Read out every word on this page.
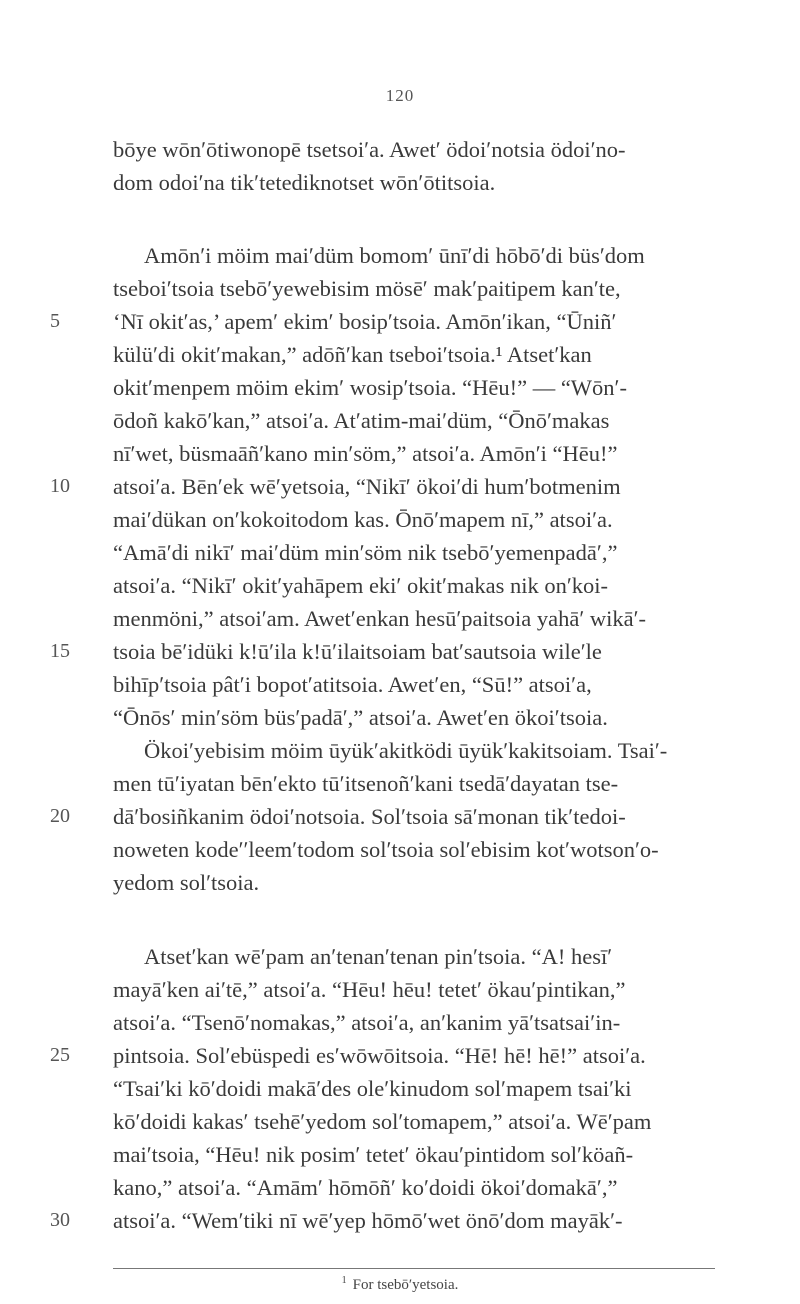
120
bōye wōnʹōtiwonopē tsetsoiʹa. Awetʹ ödoiʹnotsia ödoiʹno-
dom odoiʹna tikʹtetediknotset wōnʹōtitsoia.
Amōnʹi möim maiʹdüm bomomʹ ūnīʹdi hōbōʹdi büsʹdom
tseboiʹtsoia tsebōʹyewebisim mösēʹ makʹpaitipem kanʹte,
‘Nī okitʹas,’ apemʹ ekimʹ bosipʹtsoia. Amōnʹikan, “Ūniñʹ
külüʹdi okitʹmakan,” adōñʹkan tseboiʹtsoia.¹ Atsetʹkan
okitʹmenpem möim ekimʹ wosipʹtsoia. “Hēu!” — “Wōnʹ-
ōdoñ kakōʹkan,” atsoiʹa. Atʹatim-maiʹdüm, “Ōnōʹmakas
nīʹwet, büsmaāñʹkano minʹsöm,” atsoiʹa. Amōnʹi “Hēu!”
atsoiʹa. Bēnʹek wēʹyetsoia, “Nikīʹ ökoiʹdi humʹbotmenim
maiʹdükan onʹkokoitodom kas. Ōnōʹmapem nī,” atsoiʹa.
“Amāʹdi nikīʹ maiʹdüm minʹsöm nik tsebōʹyemenpadāʹ,”
atsoiʹa. “Nikīʹ okitʹyahāpem ekiʹ okitʹmakas nik onʹkoi-
menmöni,” atsoiʹam. Awetʹenkan hesūʹpaitsoia yahāʹ wikāʹ-
tsoia bēʹidüki k!ūʹila k!ūʹilaitsoiam batʹsautsoia wileʹle
bihīpʹtsoia pâtʹi bopotʹatitsoia. Awetʹen, “Sū!” atsoiʹa,
“Ōnōsʹ minʹsöm büsʹpadāʹ,” atsoiʹa. Awetʹen ökoiʹtsoia.
Ökoiʹyebisim möim ūyükʹakitködi ūyükʹkakitsoiam. Tsaiʹ-
men tūʹiyatan bēnʹekto tūʹitsenoñʹkani tsedāʹdayatan tse-
dāʹbosiñkanim ödoiʹnotsoia. Solʹtsoia sāʹmonan tikʹtedoi-
noweten kodeʹʹleemʹtodom solʹtsoia solʹebisim kotʹwotsonʹo-
yedom solʹtsoia.
Atsetʹkan wēʹpam anʹtenanʹtenan pinʹtsoia. “A! hesīʹ
mayāʹken aiʹtē,” atsoiʹa. “Hēu! hēu! tetetʹ ökauʹpintikan,”
atsoiʹa. “Tsenōʹnomakas,” atsoiʹa, anʹkanim yāʹtsatsaiʹin-
pintsoia. Solʹebüspedi esʹwōwōitsoia. “Hē! hē! hē!” atsoiʹa.
“Tsaiʹki kōʹdoidi makāʹdes oleʹkinudom solʹmapem tsaiʹki
kōʹdoidi kakasʹ tsehēʹyedom solʹtomapem,” atsoiʹa. Wēʹpam
maiʹtsoia, “Hēu! nik posimʹ tetetʹ ökauʹpintidom solʹköañ-
kano,” atsoiʹa. “Amāmʹ hōmōñʹ koʹdoidi ökoiʹdomakāʹ,”
atsoiʹa. “Wemʹtiki nī wēʹyep hōmōʹwet önōʹdom mayākʹ-
5
10
15
20
25
30
$^1$ For tsebōʹyetsoia.
